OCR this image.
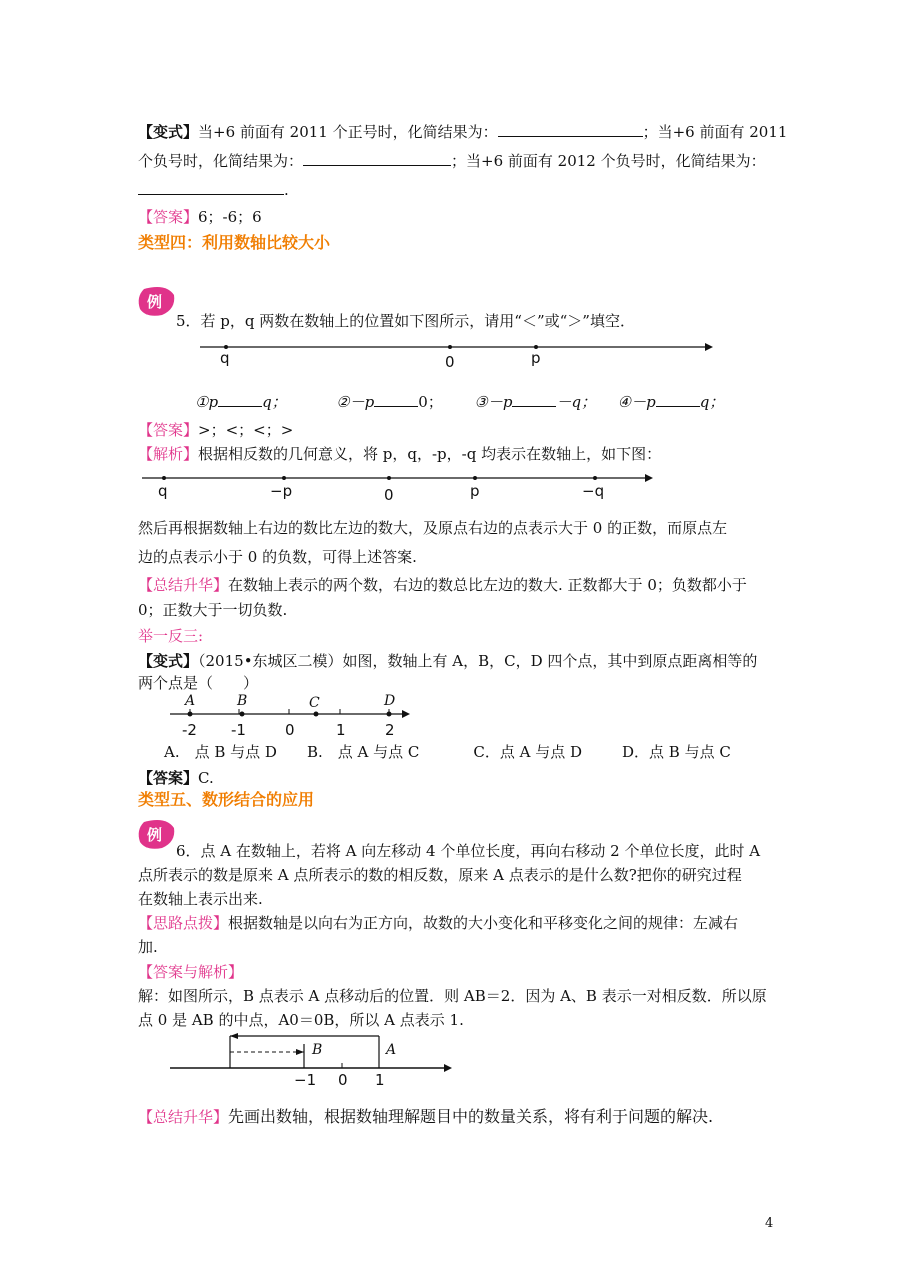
【变式】当+6 前面有 2011 个正号时，化简结果为：	；当+6 前面有 2011
个负号时，化简结果为：	；当+6 前面有 2012 个负号时，化简结果为：
.
【答案】6；-6；6
类型四：利用数轴比较大小
例
5．若 p，q 两数在数轴上的位置如下图所示，请用“＜”或“＞”填空．
q	0	p
①p	q；	②－p	0； ③－p	－q； ④－p	q；
【答案】>；<；<；>
【解析】根据相反数的几何意义，将 p，q，-p，-q 均表示在数轴上，如下图：
q	−p	0	p	−q
然后再根据数轴上右边的数比左边的数大，及原点右边的点表示大于 0 的正数，而原点左
边的点表示小于 0 的负数，可得上述答案.
【总结升华】在数轴上表示的两个数，右边的数总比左边的数大. 正数都大于 0；负数都小于
0；正数大于一切负数.
举一反三:
【变式】（2015•东城区二模）如图，数轴上有 A，B，C，D 四个点，其中到原点距离相等的
两个点是（　　）
A	B	C	D
-2 -1	0	1	2
A.　点 B 与点 D B.　点 A 与点 C	C．点 A 与点 D	D．点 B 与点 C
【答案】C.
类型五、数形结合的应用
例
6．点 A 在数轴上，若将 A 向左移动 4 个单位长度，再向右移动 2 个单位长度，此时 A
点所表示的数是原来 A 点所表示的数的相反数，原来 A 点表示的是什么数?把你的研究过程
在数轴上表示出来.
【思路点拨】根据数轴是以向右为正方向，故数的大小变化和平移变化之间的规律：左减右
加.
【答案与解析】
解：如图所示，B 点表示 A 点移动后的位置．则 AB＝2．因为 A、B 表示一对相反数．所以原
点 0 是 AB 的中点，A0＝0B，所以 A 点表示 1.
B	A
−1 0 1
【总结升华】先画出数轴，根据数轴理解题目中的数量关系，将有利于问题的解决.
4
